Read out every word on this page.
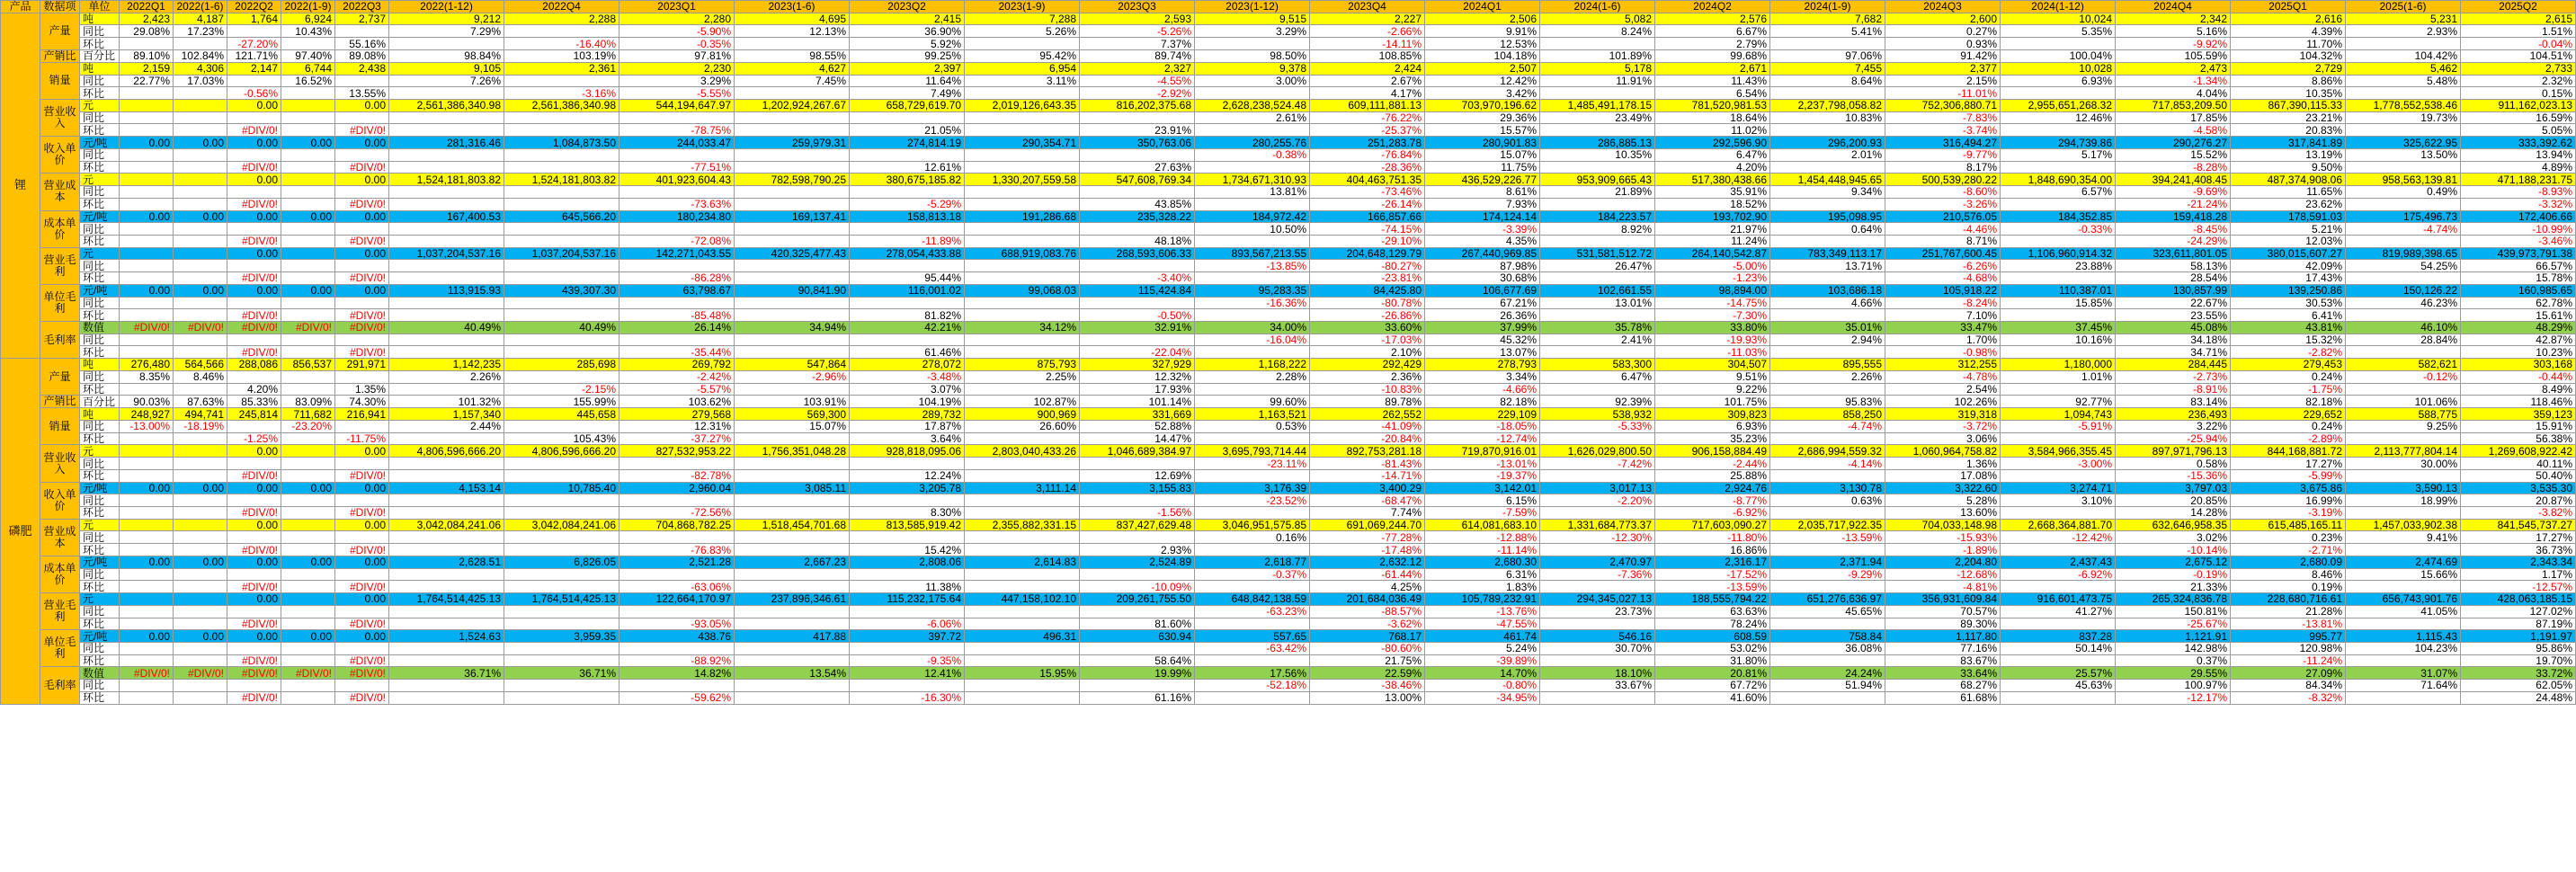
产品	数据项	单位	2022Q1	2022(1-6)	2022Q2	2022(1-9)	2022Q3	2022(1-12)	2022Q4	2023Q1	2023(1-6)	2023Q2	2023(1-9)	2023Q3	2023(1-12)	2023Q4	2024Q1	2024(1-6)	2024Q2	2024(1-9)	2024Q3	2024(1-12)	2024Q4	2025Q1	2025(1-6)	2025Q2
锂	产量	吨	2,423	4,187	1,764	6,924	2,737	9,212	2,288	2,280	4,695	2,415	7,288	2,593	9,515	2,227	2,506	5,082	2,576	7,682	2,600	10,024	2,342	2,616	5,231	2,615
		同比	29.08%	17.23%		10.43%		7.29%		-5.90%	12.13%	36.90%	5.26%	-5.26%	3.29%	-2.66%	9.91%	8.24%	6.67%	5.41%	0.27%	5.35%	5.16%	4.39%	2.93%	1.51%
		环比			-27.20%		55.16%		-16.40%	-0.35%		5.92%		7.37%		-14.11%	12.53%		2.79%		0.93%		-9.92%	11.70%		-0.04%
	产销比	百分比	89.10%	102.84%	121.71%	97.40%	89.08%	98.84%	103.19%	97.81%	98.55%	99.25%	95.42%	89.74%	98.50%	108.85%	104.18%	101.89%	99.68%	97.06%	91.42%	100.04%	105.59%	104.32%	104.42%	104.51%
	销量	吨	2,159	4,306	2,147	6,744	2,438	9,105	2,361	2,230	4,627	2,397	6,954	2,327	9,378	2,424	2,507	5,178	2,671	7,455	2,377	10,028	2,473	2,729	5,462	2,733
		同比	22.77%	17.03%		16.52%		7.26%		3.29%	7.45%	11.64%	3.11%	-4.55%	3.00%	2.67%	12.42%	11.91%	11.43%	8.64%	2.15%	6.93%	-1.34%	8.86%	5.48%	2.32%
		环比			-0.56%		13.55%		-3.16%	-5.55%		7.49%		-2.92%		4.17%	3.42%		6.54%		-11.01%		4.04%	10.35%		0.15%
	营业收入	元			0.00		0.00	2,561,386,340.98	2,561,386,340.98	544,194,647.97	1,202,924,267.67	658,729,619.70	2,019,126,643.35	816,202,375.68	2,628,238,524.48	609,111,881.13	703,970,196.62	1,485,491,178.15	781,520,981.53	2,237,798,058.82	752,306,880.71	2,955,651,268.32	717,853,209.50	867,390,115.33	1,778,552,538.46	911,162,023.13
		同比													2.61%	-76.22%	29.36%	23.49%	18.64%	10.83%	-7.83%	12.46%	17.85%	23.21%	19.73%	16.59%
		环比			#DIV/0!		#DIV/0!			-78.75%		21.05%		23.91%		-25.37%	15.57%		11.02%		-3.74%		-4.58%	20.83%		5.05%
	收入单价	元/吨	0.00	0.00	0.00	0.00	0.00	281,316.46	1,084,873.50	244,033.47	259,979.31	274,814.19	290,354.71	350,763.06	280,255.76	251,283.78	280,901.83	286,885.13	292,596.90	296,200.93	316,494.27	294,739.86	290,276.27	317,841.89	325,622.95	333,392.62
		同比													-0.38%	-76.84%	15.07%	10.35%	6.47%	2.01%	-9.77%	5.17%	15.52%	13.19%	13.50%	13.94%
		环比			#DIV/0!		#DIV/0!			-77.51%		12.61%		27.63%		-28.36%	11.75%		4.20%		8.17%		-8.28%	9.50%		4.89%
	营业成本	元			0.00		0.00	1,524,181,803.82	1,524,181,803.82	401,923,604.43	782,598,790.25	380,675,185.82	1,330,207,559.58	547,608,769.34	1,734,671,310.93	404,463,751.35	436,529,226.77	953,909,665.43	517,380,438.66	1,454,448,945.65	500,539,280.22	1,848,690,354.00	394,241,408.45	487,374,908.06	958,563,139.81	471,188,231.75
		同比													13.81%	-73.46%	8.61%	21.89%	35.91%	9.34%	-8.60%	6.57%	-9.69%	11.65%	0.49%	-8.93%
		环比			#DIV/0!		#DIV/0!			-73.63%		-5.29%		43.85%		-26.14%	7.93%		18.52%		-3.26%		-21.24%	23.62%		-3.32%
	成本单价	元/吨	0.00	0.00	0.00	0.00	0.00	167,400.53	645,566.20	180,234.80	169,137.41	158,813.18	191,286.68	235,328.22	184,972.42	166,857.66	174,124.14	184,223.57	193,702.90	195,098.95	210,576.05	184,352.85	159,418.28	178,591.03	175,496.73	172,406.66
		同比													10.50%	-74.15%	-3.39%	8.92%	21.97%	0.64%	-4.46%	-0.33%	-8.45%	5.21%	-4.74%	-10.99%
		环比			#DIV/0!		#DIV/0!			-72.08%		-11.89%		48.18%		-29.10%	4.35%		11.24%		8.71%		-24.29%	12.03%		-3.46%
	营业毛利	元			0.00		0.00	1,037,204,537.16	1,037,204,537.16	142,271,043.55	420,325,477.43	278,054,433.88	688,919,083.76	268,593,606.33	893,567,213.55	204,648,129.79	267,440,969.85	531,581,512.72	264,140,542.87	783,349,113.17	251,767,600.45	1,106,960,914.32	323,611,801.05	380,015,607.27	819,989,398.65	439,973,791.38
		同比													-13.85%	-80.27%	87.98%	26.47%	-5.00%	13.71%	-6.26%	23.88%	58.13%	42.09%	54.25%	66.57%
		环比			#DIV/0!		#DIV/0!			-86.28%		95.44%		-3.40%		-23.81%	30.68%		-1.23%		-4.68%		28.54%	17.43%		15.78%
	单位毛利	元/吨	0.00	0.00	0.00	0.00	0.00	113,915.93	439,307.30	63,798.67	90,841.90	116,001.02	99,068.03	115,424.84	95,283.35	84,425.80	106,677.69	102,661.55	98,894.00	103,686.18	105,918.22	110,387.01	130,857.99	139,250.86	150,126.22	160,985.65
		同比													-16.36%	-80.78%	67.21%	13.01%	-14.75%	4.66%	-8.24%	15.85%	22.67%	30.53%	46.23%	62.78%
		环比			#DIV/0!		#DIV/0!			-85.48%		81.82%		-0.50%		-26.86%	26.36%		-7.30%		7.10%		23.55%	6.41%		15.61%
	毛利率	数值	#DIV/0!	#DIV/0!	#DIV/0!	#DIV/0!	#DIV/0!	40.49%	40.49%	26.14%	34.94%	42.21%	34.12%	32.91%	34.00%	33.60%	37.99%	35.78%	33.80%	35.01%	33.47%	37.45%	45.08%	43.81%	46.10%	48.29%
		同比													-16.04%	-17.03%	45.32%	2.41%	-19.93%	2.94%	1.70%	10.16%	34.18%	15.32%	28.84%	42.87%
		环比			#DIV/0!		#DIV/0!			-35.44%		61.46%		-22.04%		2.10%	13.07%		-11.03%		-0.98%		34.71%	-2.82%		10.23%
磷肥	产量	吨	276,480	564,566	288,086	856,537	291,971	1,142,235	285,698	269,792	547,864	278,072	875,793	327,929	1,168,222	292,429	278,793	583,300	304,507	895,555	312,255	1,180,000	284,445	279,453	582,621	303,168
		同比	8.35%	8.46%				2.26%		-2.42%	-2.96%	-3.48%	2.25%	12.32%	2.28%	2.36%	3.34%	6.47%	9.51%	2.26%	-4.78%	1.01%	-2.73%	0.24%	-0.12%	-0.44%
		环比			4.20%		1.35%		-2.15%	-5.57%		3.07%		17.93%		-10.83%	-4.66%		9.22%		2.54%		-8.91%	-1.75%		8.49%
	产销比	百分比	90.03%	87.63%	85.33%	83.09%	74.30%	101.32%	155.99%	103.62%	103.91%	104.19%	102.87%	101.14%	99.60%	89.78%	82.18%	92.39%	101.75%	95.83%	102.26%	92.77%	83.14%	82.18%	101.06%	118.46%
	销量	吨	248,927	494,741	245,814	711,682	216,941	1,157,340	445,658	279,568	569,300	289,732	900,969	331,669	1,163,521	262,552	229,109	538,932	309,823	858,250	319,318	1,094,743	236,493	229,652	588,775	359,123
		同比	-13.00%	-18.19%		-23.20%		2.44%		12.31%	15.07%	17.87%	26.60%	52.88%	0.53%	-41.09%	-18.05%	-5.33%	6.93%	-4.74%	-3.72%	-5.91%	3.22%	0.24%	9.25%	15.91%
		环比			-1.25%		-11.75%		105.43%	-37.27%		3.64%		14.47%		-20.84%	-12.74%		35.23%		3.06%		-25.94%	-2.89%		56.38%
	营业收入	元			0.00		0.00	4,806,596,666.20	4,806,596,666.20	827,532,953.22	1,756,351,048.28	928,818,095.06	2,803,040,433.26	1,046,689,384.97	3,695,793,714.44	892,753,281.18	719,870,916.01	1,626,029,800.50	906,158,884.49	2,686,994,559.32	1,060,964,758.82	3,584,966,355.45	897,971,796.13	844,168,881.72	2,113,777,804.14	1,269,608,922.42
		同比													-23.11%	-81.43%	-13.01%	-7.42%	-2.44%	-4.14%	1.36%	-3.00%	0.58%	17.27%	30.00%	40.11%
		环比			#DIV/0!		#DIV/0!			-82.78%		12.24%		12.69%		-14.71%	-19.37%		25.88%		17.08%		-15.36%	-5.99%		50.40%
	收入单价	元/吨	0.00	0.00	0.00	0.00	0.00	4,153.14	10,785.40	2,960.04	3,085.11	3,205.78	3,111.14	3,155.83	3,176.39	3,400.29	3,142.01	3,017.13	2,924.76	3,130.78	3,322.60	3,274.71	3,797.03	3,675.86	3,590.13	3,535.30
		同比													-23.52%	-68.47%	6.15%	-2.20%	-8.77%	0.63%	5.28%	3.10%	20.85%	16.99%	18.99%	20.87%
		环比			#DIV/0!		#DIV/0!			-72.56%		8.30%		-1.56%		7.74%	-7.59%		-6.92%		13.60%		14.28%	-3.19%		-3.82%
	营业成本	元			0.00		0.00	3,042,084,241.06	3,042,084,241.06	704,868,782.25	1,518,454,701.68	813,585,919.42	2,355,882,331.15	837,427,629.48	3,046,951,575.85	691,069,244.70	614,081,683.10	1,331,684,773.37	717,603,090.27	2,035,717,922.35	704,033,148.98	2,668,364,881.70	632,646,958.35	615,485,165.11	1,457,033,902.38	841,545,737.27
		同比													0.16%	-77.28%	-12.88%	-12.30%	-11.80%	-13.59%	-15.93%	-12.42%	3.02%	0.23%	9.41%	17.27%
		环比			#DIV/0!		#DIV/0!			-76.83%		15.42%		2.93%		-17.48%	-11.14%		16.86%		-1.89%		-10.14%	-2.71%		36.73%
	成本单价	元/吨	0.00	0.00	0.00	0.00	0.00	2,628.51	6,826.05	2,521.28	2,667.23	2,808.06	2,614.83	2,524.89	2,618.77	2,632.12	2,680.30	2,470.97	2,316.17	2,371.94	2,204.80	2,437.43	2,675.12	2,680.09	2,474.69	2,343.34
		同比													-0.37%	-61.44%	6.31%	-7.36%	-17.52%	-9.29%	-12.68%	-6.92%	-0.19%	8.46%	15.66%	1.17%
		环比			#DIV/0!		#DIV/0!			-63.06%		11.38%		-10.09%		4.25%	1.83%		-13.59%		-4.81%		21.33%	0.19%		-12.57%
	营业毛利	元			0.00		0.00	1,764,514,425.13	1,764,514,425.13	122,664,170.97	237,896,346.61	115,232,175.64	447,158,102.10	209,261,755.50	648,842,138.59	201,684,036.49	105,789,232.91	294,345,027.13	188,555,794.22	651,276,636.97	356,931,609.84	916,601,473.75	265,324,836.78	228,680,716.61	656,743,901.76	428,063,185.15
		同比													-63.23%	-88.57%	-13.76%	23.73%	63.63%	45.65%	70.57%	41.27%	150.81%	21.28%	41.05%	127.02%
		环比			#DIV/0!		#DIV/0!			-93.05%		-6.06%		81.60%		-3.62%	-47.55%		78.24%		89.30%		-25.67%	-13.81%		87.19%
	单位毛利	元/吨	0.00	0.00	0.00	0.00	0.00	1,524.63	3,959.35	438.76	417.88	397.72	496.31	630.94	557.65	768.17	461.74	546.16	608.59	758.84	1,117.80	837.28	1,121.91	995.77	1,115.43	1,191.97
		同比													-63.42%	-80.60%	5.24%	30.70%	53.02%	36.08%	77.16%	50.14%	142.98%	120.98%	104.23%	95.86%
		环比			#DIV/0!		#DIV/0!			-88.92%		-9.35%		58.64%		21.75%	-39.89%		31.80%		83.67%		0.37%	-11.24%		19.70%
	毛利率	数值	#DIV/0!	#DIV/0!	#DIV/0!	#DIV/0!	#DIV/0!	36.71%	36.71%	14.82%	13.54%	12.41%	15.95%	19.99%	17.56%	22.59%	14.70%	18.10%	20.81%	24.24%	33.64%	25.57%	29.55%	27.09%	31.07%	33.72%
		同比													-52.18%	-38.46%	-0.80%	33.67%	67.72%	51.94%	68.27%	45.63%	100.97%	84.34%	71.64%	62.05%
		环比			#DIV/0!		#DIV/0!			-59.62%		-16.30%		61.16%		13.00%	-34.95%		41.60%		61.68%		-12.17%	-8.32%		24.48%
雪球 數往前頭
